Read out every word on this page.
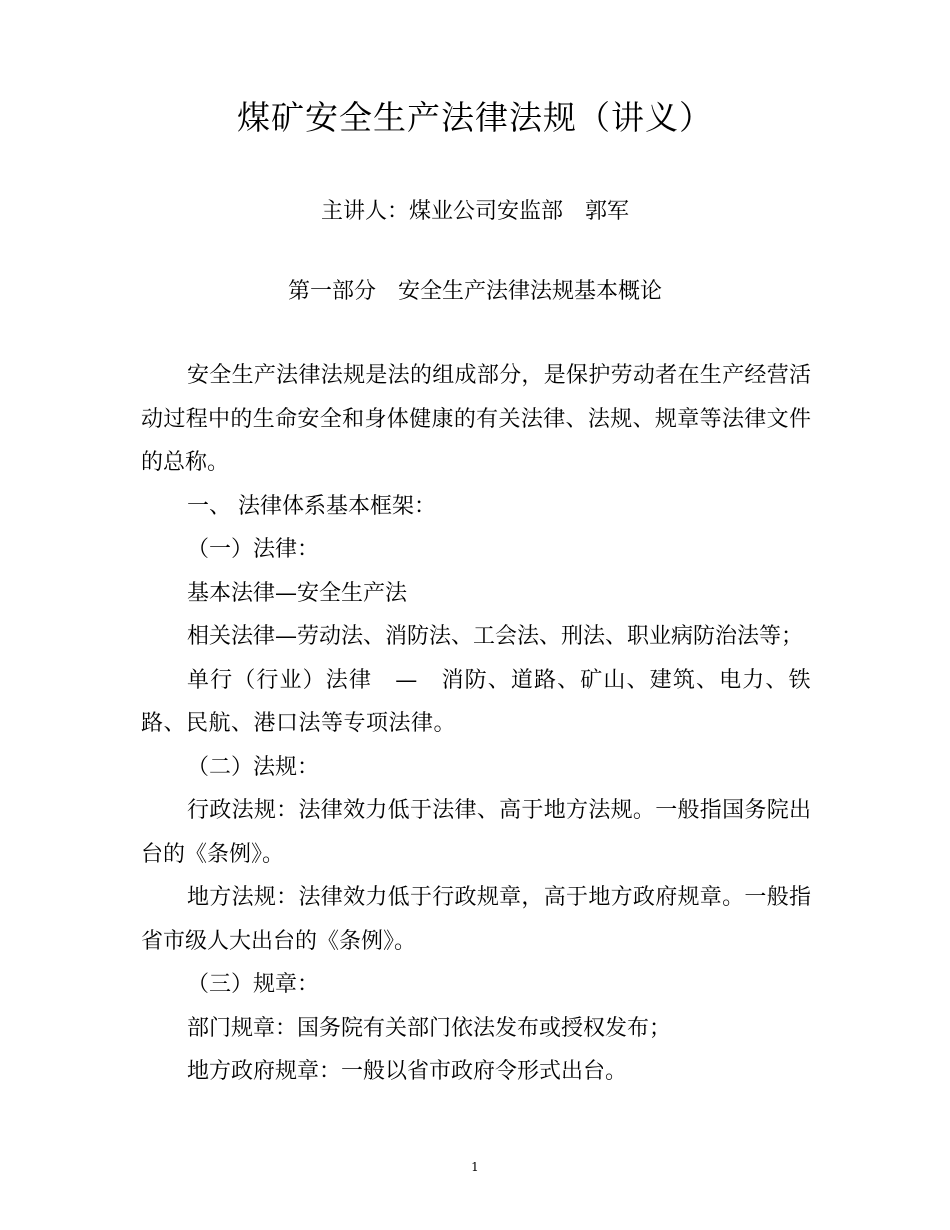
煤矿安全生产法律法规（讲义）
主讲人：煤业公司安监部　郭军
第一部分　安全生产法律法规基本概论

安全生产法律法规是法的组成部分，是保护劳动者在生产经营活动过程中的生命安全和身体健康的有关法律、法规、规章等法律文件的总称。

一、 法律体系基本框架：

（一）法律：

基本法律—安全生产法

相关法律—劳动法、消防法、工会法、刑法、职业病防治法等；

单行（行业）法律　—　消防、道路、矿山、建筑、电力、铁路、民航、港口法等专项法律。

（二）法规：

行政法规：法律效力低于法律、高于地方法规。一般指国务院出台的《条例》。

地方法规：法律效力低于行政规章，高于地方政府规章。一般指省市级人大出台的《条例》。

（三）规章：

部门规章：国务院有关部门依法发布或授权发布；

地方政府规章：一般以省市政府令形式出台。

1
